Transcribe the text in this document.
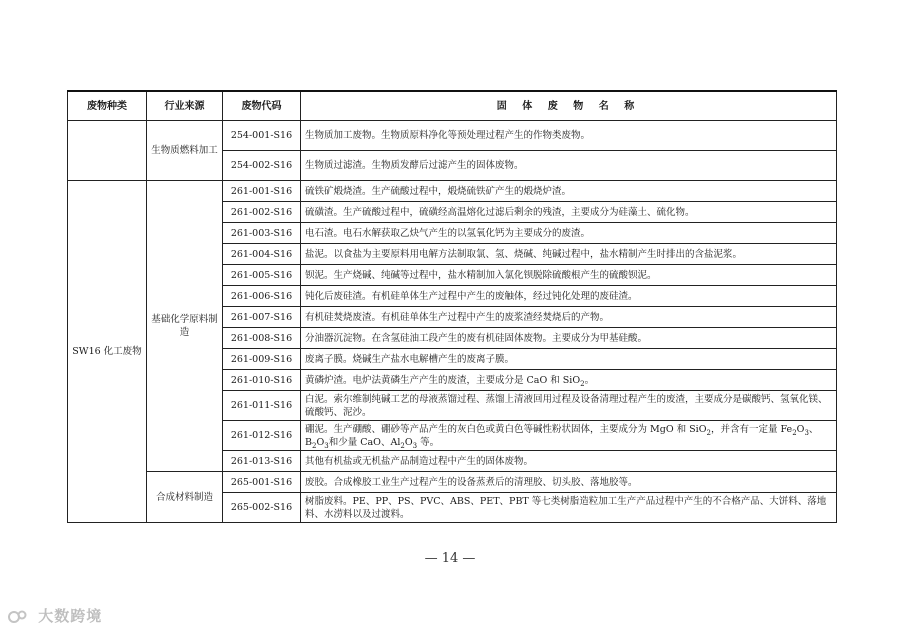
废物种类	行业来源	废物代码	固 体 废 物 名 称
	生物质燃料加工	254-001-S16	生物质加工废物。生物质原料净化等预处理过程产生的作物类废物。
		254-002-S16	生物质过滤渣。生物质发酵后过滤产生的固体废物。
SW16 化工废物	基础化学原料制造	261-001-S16	硫铁矿煅烧渣。生产硫酸过程中，煅烧硫铁矿产生的煅烧炉渣。
		261-002-S16	硫磺渣。生产硫酸过程中，硫磺经高温熔化过滤后剩余的残渣，主要成分为硅藻土、硫化物。
		261-003-S16	电石渣。电石水解获取乙炔气产生的以氢氧化钙为主要成分的废渣。
		261-004-S16	盐泥。以食盐为主要原料用电解方法制取氯、氢、烧碱、纯碱过程中，盐水精制产生时排出的含盐泥浆。
		261-005-S16	钡泥。生产烧碱、纯碱等过程中，盐水精制加入氯化钡脱除硫酸根产生的硫酸钡泥。
		261-006-S16	钝化后废硅渣。有机硅单体生产过程中产生的废触体，经过钝化处理的废硅渣。
		261-007-S16	有机硅焚烧废渣。有机硅单体生产过程中产生的废浆渣经焚烧后的产物。
		261-008-S16	分油器沉淀物。在含氢硅油工段产生的废有机硅固体废物。主要成分为甲基硅酸。
		261-009-S16	废离子膜。烧碱生产盐水电解槽产生的废离子膜。
		261-010-S16	黄磷炉渣。电炉法黄磷生产产生的废渣，主要成分是 CaO 和 SiO$_2$。
		261-011-S16	白泥。索尔维制纯碱工艺的母液蒸馏过程、蒸馏上清液回用过程及设备清理过程产生的废渣，主要成分是碳酸钙、氢氧化镁、硫酸钙、泥沙。
		261-012-S16	硼泥。生产硼酸、硼砂等产品产生的灰白色或黄白色等碱性粉状固体，主要成分为 MgO 和 SiO$_2$，并含有一定量 $Fe_2O_3$、$B_2O_3$和少量 CaO、$Al_2O_3$ 等。
		261-013-S16	其他有机盐或无机盐产品制造过程中产生的固体废物。
	合成材料制造	265-001-S16	废胶。合成橡胶工业生产过程产生的设备蒸煮后的清理胶、切头胶、落地胶等。
		265-002-S16	树脂废料。PE、PP、PS、PVC、ABS、PET、PBT 等七类树脂造粒加工生产产品过程中产生的不合格产品、大饼料、落地料、水涝料以及过渡料。
— 14 —
大数跨境
